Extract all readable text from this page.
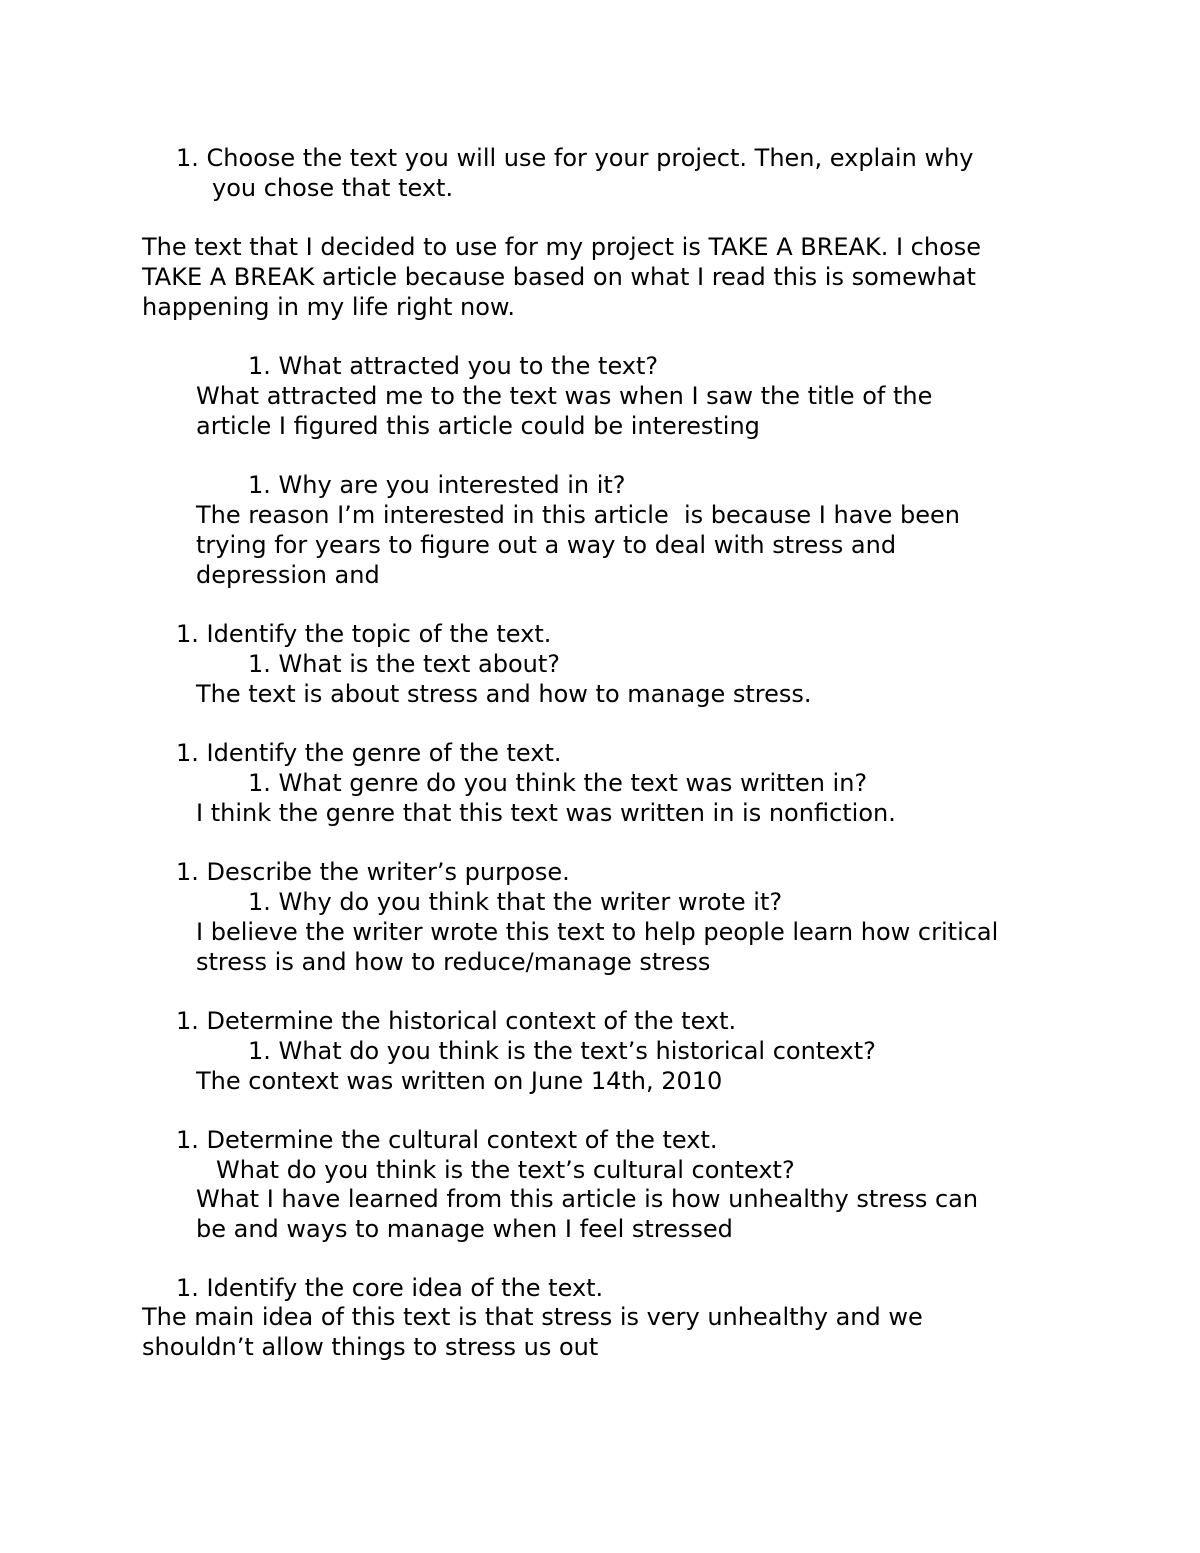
1. Choose the text you will use for your project. Then, explain why
you chose that text.
The text that I decided to use for my project is TAKE A BREAK. I chose
TAKE A BREAK article because based on what I read this is somewhat
happening in my life right now.
1. What attracted you to the text?
What attracted me to the text was when I saw the title of the
article I figured this article could be interesting
1. Why are you interested in it?
The reason I’m interested in this article  is because I have been
trying for years to figure out a way to deal with stress and
depression and
1. Identify the topic of the text.
1. What is the text about?
The text is about stress and how to manage stress.
1. Identify the genre of the text.
1. What genre do you think the text was written in?
I think the genre that this text was written in is nonfiction.
1. Describe the writer’s purpose.
1. Why do you think that the writer wrote it?
I believe the writer wrote this text to help people learn how critical
stress is and how to reduce/manage stress
1. Determine the historical context of the text.
1. What do you think is the text’s historical context?
The context was written on June 14th, 2010
1. Determine the cultural context of the text.
What do you think is the text’s cultural context?
What I have learned from this article is how unhealthy stress can
be and ways to manage when I feel stressed
1. Identify the core idea of the text.
The main idea of this text is that stress is very unhealthy and we
shouldn’t allow things to stress us out
